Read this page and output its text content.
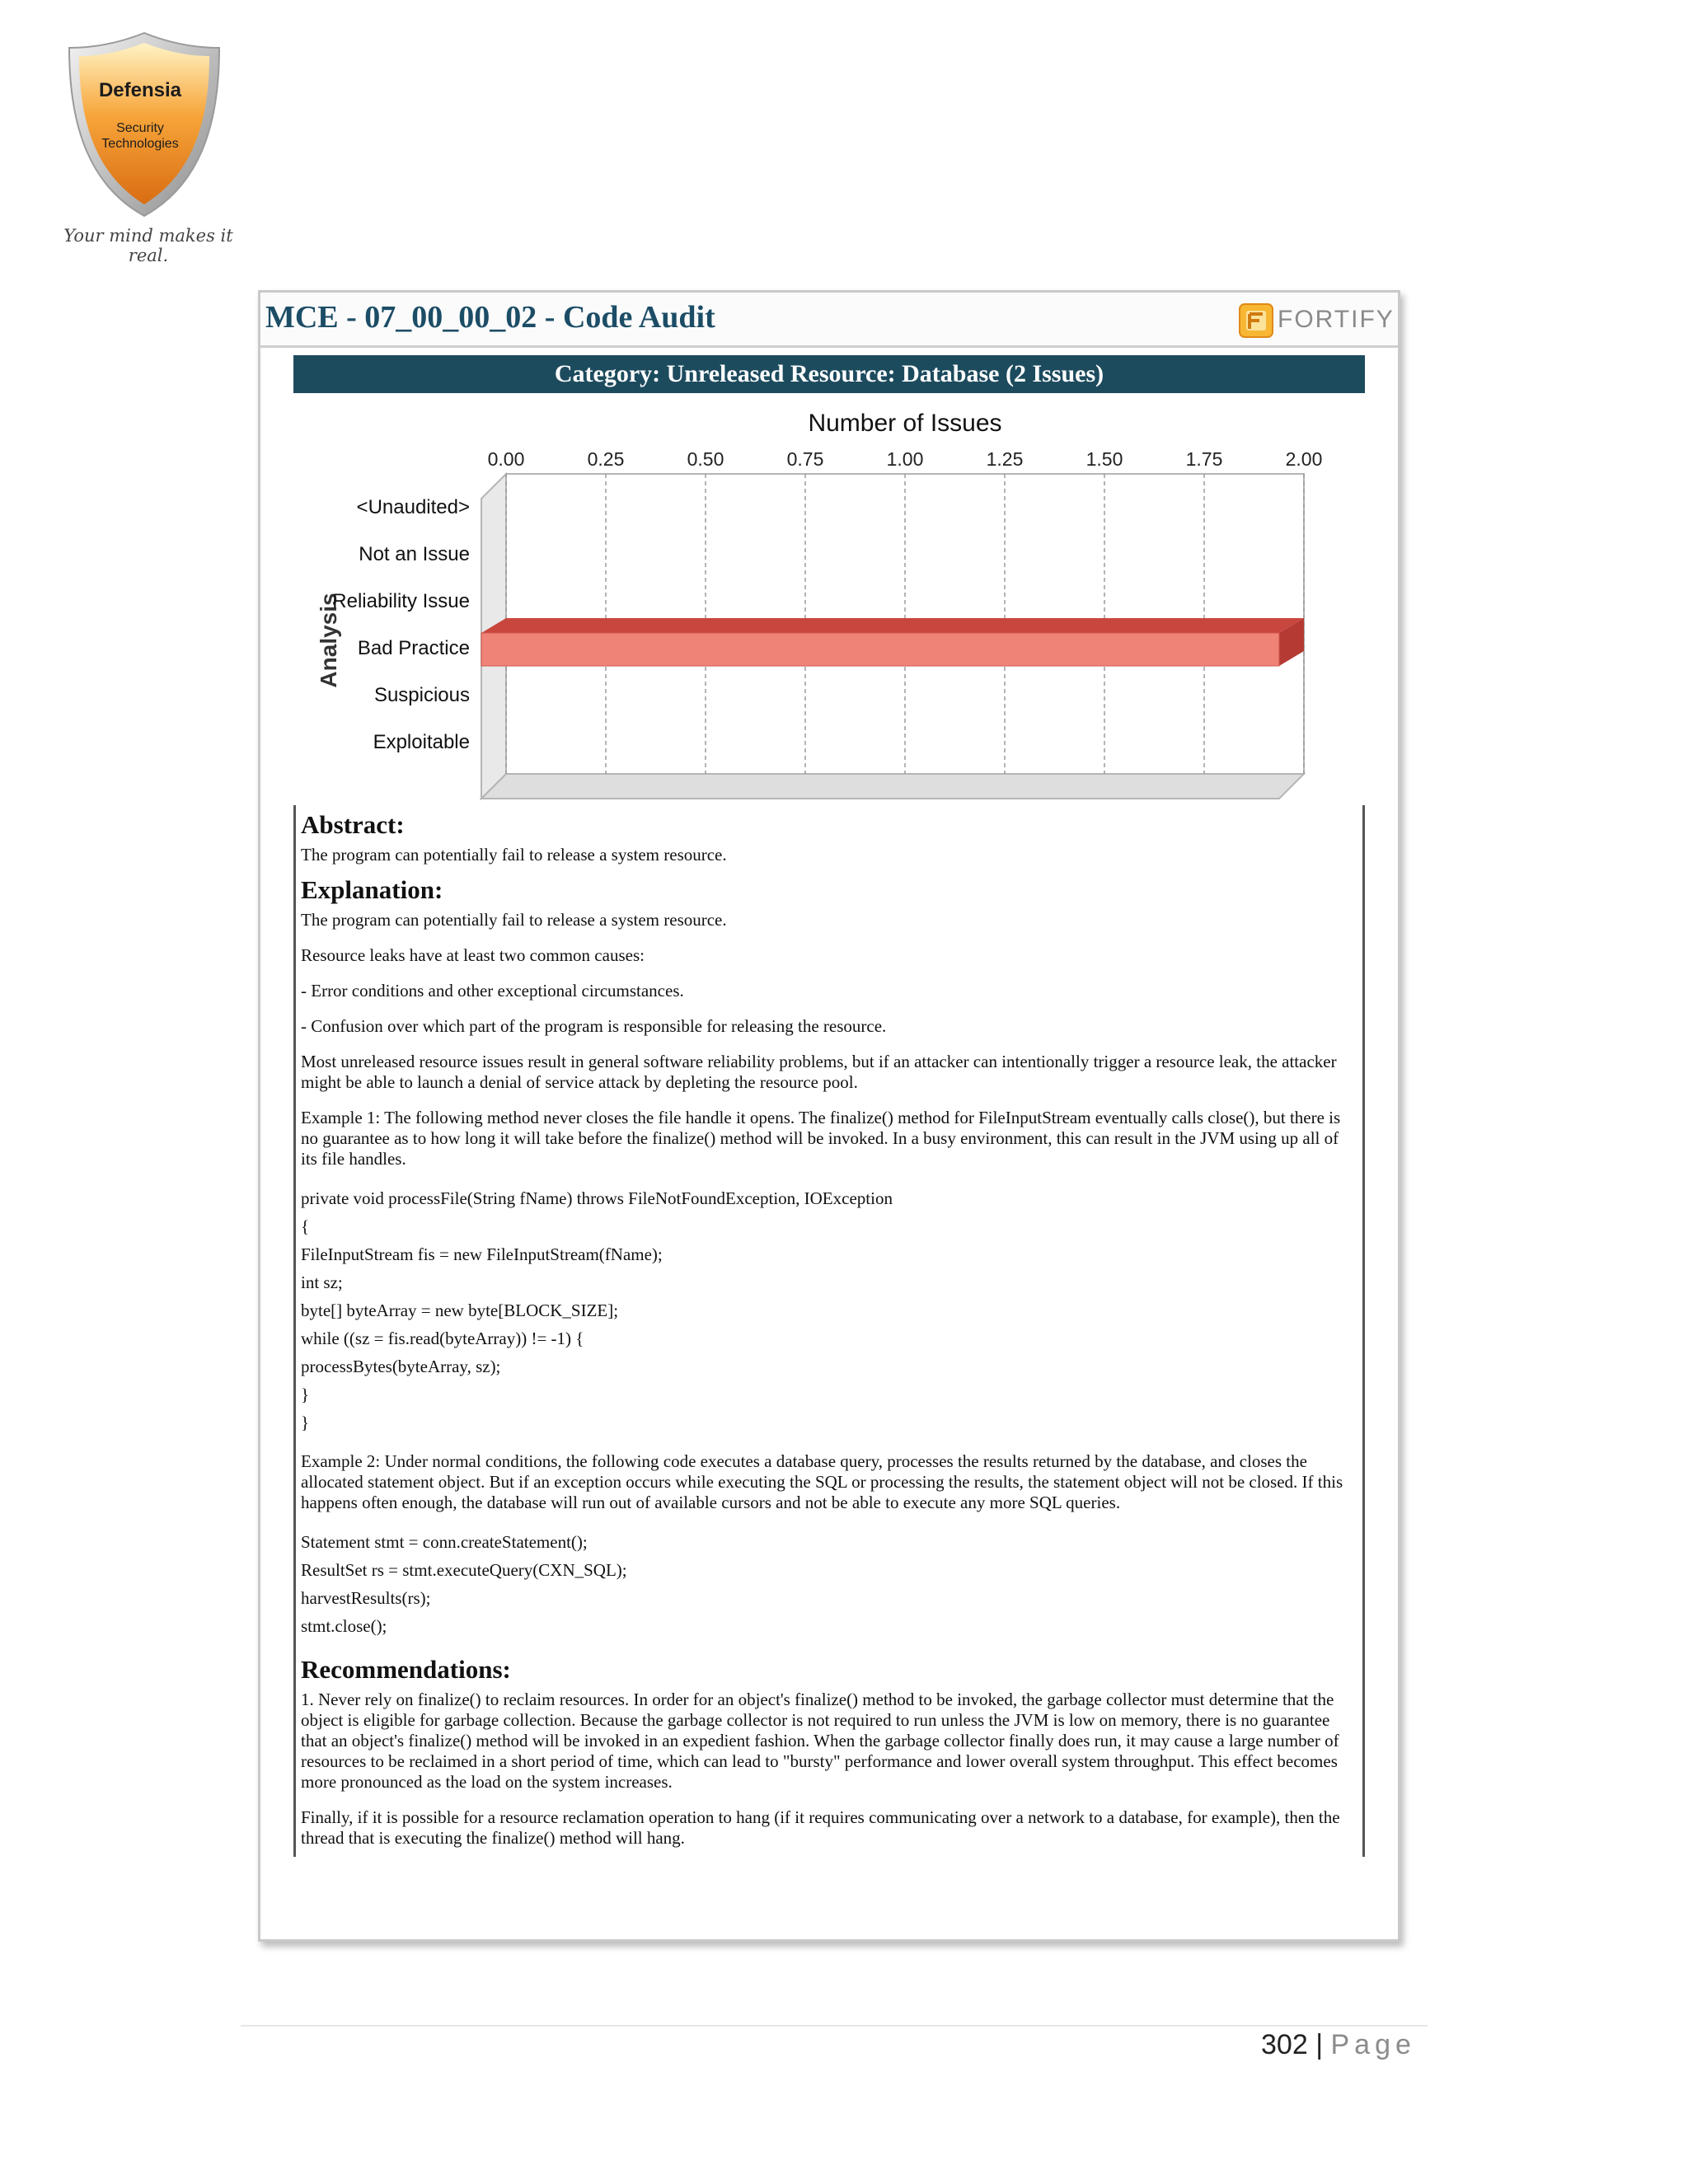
Defensia
Security
Technologies
Your mind makes it real.
MCE - 07_00_00_02 - Code Audit	FORTIFY
Category: Unreleased Resource: Database (2 Issues)
0.00	0.25	0.50	0.75	1.00	1.25	1.50	1.75	2.00
Number of Issues
Analysis
<Unaudited>
Not an Issue
Reliability Issue
Bad Practice
Suspicious
Exploitable
Abstract:

The program can potentially fail to release a system resource.

Explanation:

The program can potentially fail to release a system resource.

Resource leaks have at least two common causes:

- Error conditions and other exceptional circumstances.

- Confusion over which part of the program is responsible for releasing the resource.

Most unreleased resource issues result in general software reliability problems, but if an attacker can intentionally trigger a resource leak, the attacker might be able to launch a denial of service attack by depleting the resource pool.

Example 1: The following method never closes the file handle it opens. The finalize() method for FileInputStream eventually calls close(), but there is no guarantee as to how long it will take before the finalize() method will be invoked. In a busy environment, this can result in the JVM using up all of its file handles.

private void processFile(String fName) throws FileNotFoundException, IOException

{

FileInputStream fis = new FileInputStream(fName);

int sz;

byte[] byteArray = new byte[BLOCK_SIZE];

while ((sz = fis.read(byteArray)) != -1) {

processBytes(byteArray, sz);

}

}

Example 2: Under normal conditions, the following code executes a database query, processes the results returned by the database, and closes the allocated statement object. But if an exception occurs while executing the SQL or processing the results, the statement object will not be closed. If this happens often enough, the database will run out of available cursors and not be able to execute any more SQL queries.

Statement stmt = conn.createStatement();

ResultSet rs = stmt.executeQuery(CXN_SQL);

harvestResults(rs);

stmt.close();

Recommendations:

1. Never rely on finalize() to reclaim resources. In order for an object's finalize() method to be invoked, the garbage collector must determine that the object is eligible for garbage collection. Because the garbage collector is not required to run unless the JVM is low on memory, there is no guarantee that an object's finalize() method will be invoked in an expedient fashion. When the garbage collector finally does run, it may cause a large number of resources to be reclaimed in a short period of time, which can lead to "bursty" performance and lower overall system throughput. This effect becomes more pronounced as the load on the system increases.

Finally, if it is possible for a resource reclamation operation to hang (if it requires communicating over a network to a database, for example), then the thread that is executing the finalize() method will hang.

302 | Page
